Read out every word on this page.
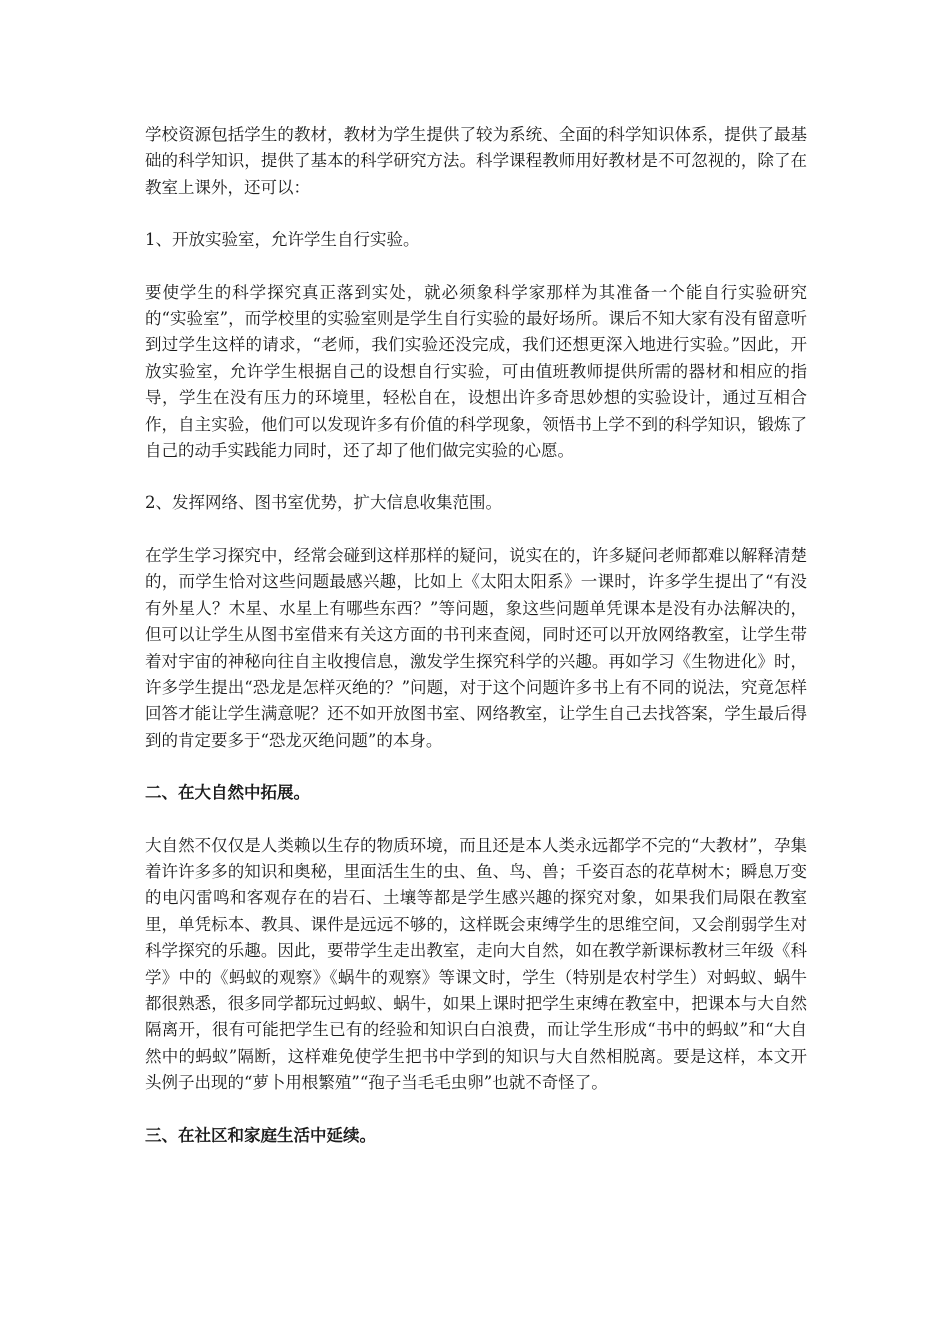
学校资源包括学生的教材，教材为学生提供了较为系统、全面的科学知识体系，提供了最基础的科学知识，提供了基本的科学研究方法。科学课程教师用好教材是不可忽视的，除了在教室上课外，还可以：

1、开放实验室，允许学生自行实验。

要使学生的科学探究真正落到实处，就必须象科学家那样为其准备一个能自行实验研究的“实验室”，而学校里的实验室则是学生自行实验的最好场所。课后不知大家有没有留意听到过学生这样的请求，“老师，我们实验还没完成，我们还想更深入地进行实验。”因此，开放实验室，允许学生根据自己的设想自行实验，可由值班教师提供所需的器材和相应的指导，学生在没有压力的环境里，轻松自在，设想出许多奇思妙想的实验设计，通过互相合作，自主实验，他们可以发现许多有价值的科学现象，领悟书上学不到的科学知识，锻炼了自己的动手实践能力同时，还了却了他们做完实验的心愿。

2、发挥网络、图书室优势，扩大信息收集范围。

在学生学习探究中，经常会碰到这样那样的疑问，说实在的，许多疑问老师都难以解释清楚的，而学生恰对这些问题最感兴趣，比如上《太阳太阳系》一课时，许多学生提出了“有没有外星人？木星、水星上有哪些东西？”等问题，象这些问题单凭课本是没有办法解决的，但可以让学生从图书室借来有关这方面的书刊来查阅，同时还可以开放网络教室，让学生带着对宇宙的神秘向往自主收搜信息，激发学生探究科学的兴趣。再如学习《生物进化》时，许多学生提出“恐龙是怎样灭绝的？”问题，对于这个问题许多书上有不同的说法，究竟怎样回答才能让学生满意呢？还不如开放图书室、网络教室，让学生自己去找答案，学生最后得到的肯定要多于“恐龙灭绝问题”的本身。

二、在大自然中拓展。

大自然不仅仅是人类赖以生存的物质环境，而且还是本人类永远都学不完的“大教材”，孕集着许许多多的知识和奥秘，里面活生生的虫、鱼、鸟、兽；千姿百态的花草树木；瞬息万变的电闪雷鸣和客观存在的岩石、土壤等都是学生感兴趣的探究对象，如果我们局限在教室里，单凭标本、教具、课件是远远不够的，这样既会束缚学生的思维空间，又会削弱学生对科学探究的乐趣。因此，要带学生走出教室，走向大自然，如在教学新课标教材三年级《科学》中的《蚂蚁的观察》《蜗牛的观察》等课文时，学生（特别是农村学生）对蚂蚁、蜗牛都很熟悉，很多同学都玩过蚂蚁、蜗牛，如果上课时把学生束缚在教室中，把课本与大自然隔离开，很有可能把学生已有的经验和知识白白浪费，而让学生形成“书中的蚂蚁”和“大自然中的蚂蚁”隔断，这样难免使学生把书中学到的知识与大自然相脱离。要是这样，本文开头例子出现的“萝卜用根繁殖”“孢子当毛毛虫卵”也就不奇怪了。

三、在社区和家庭生活中延续。
